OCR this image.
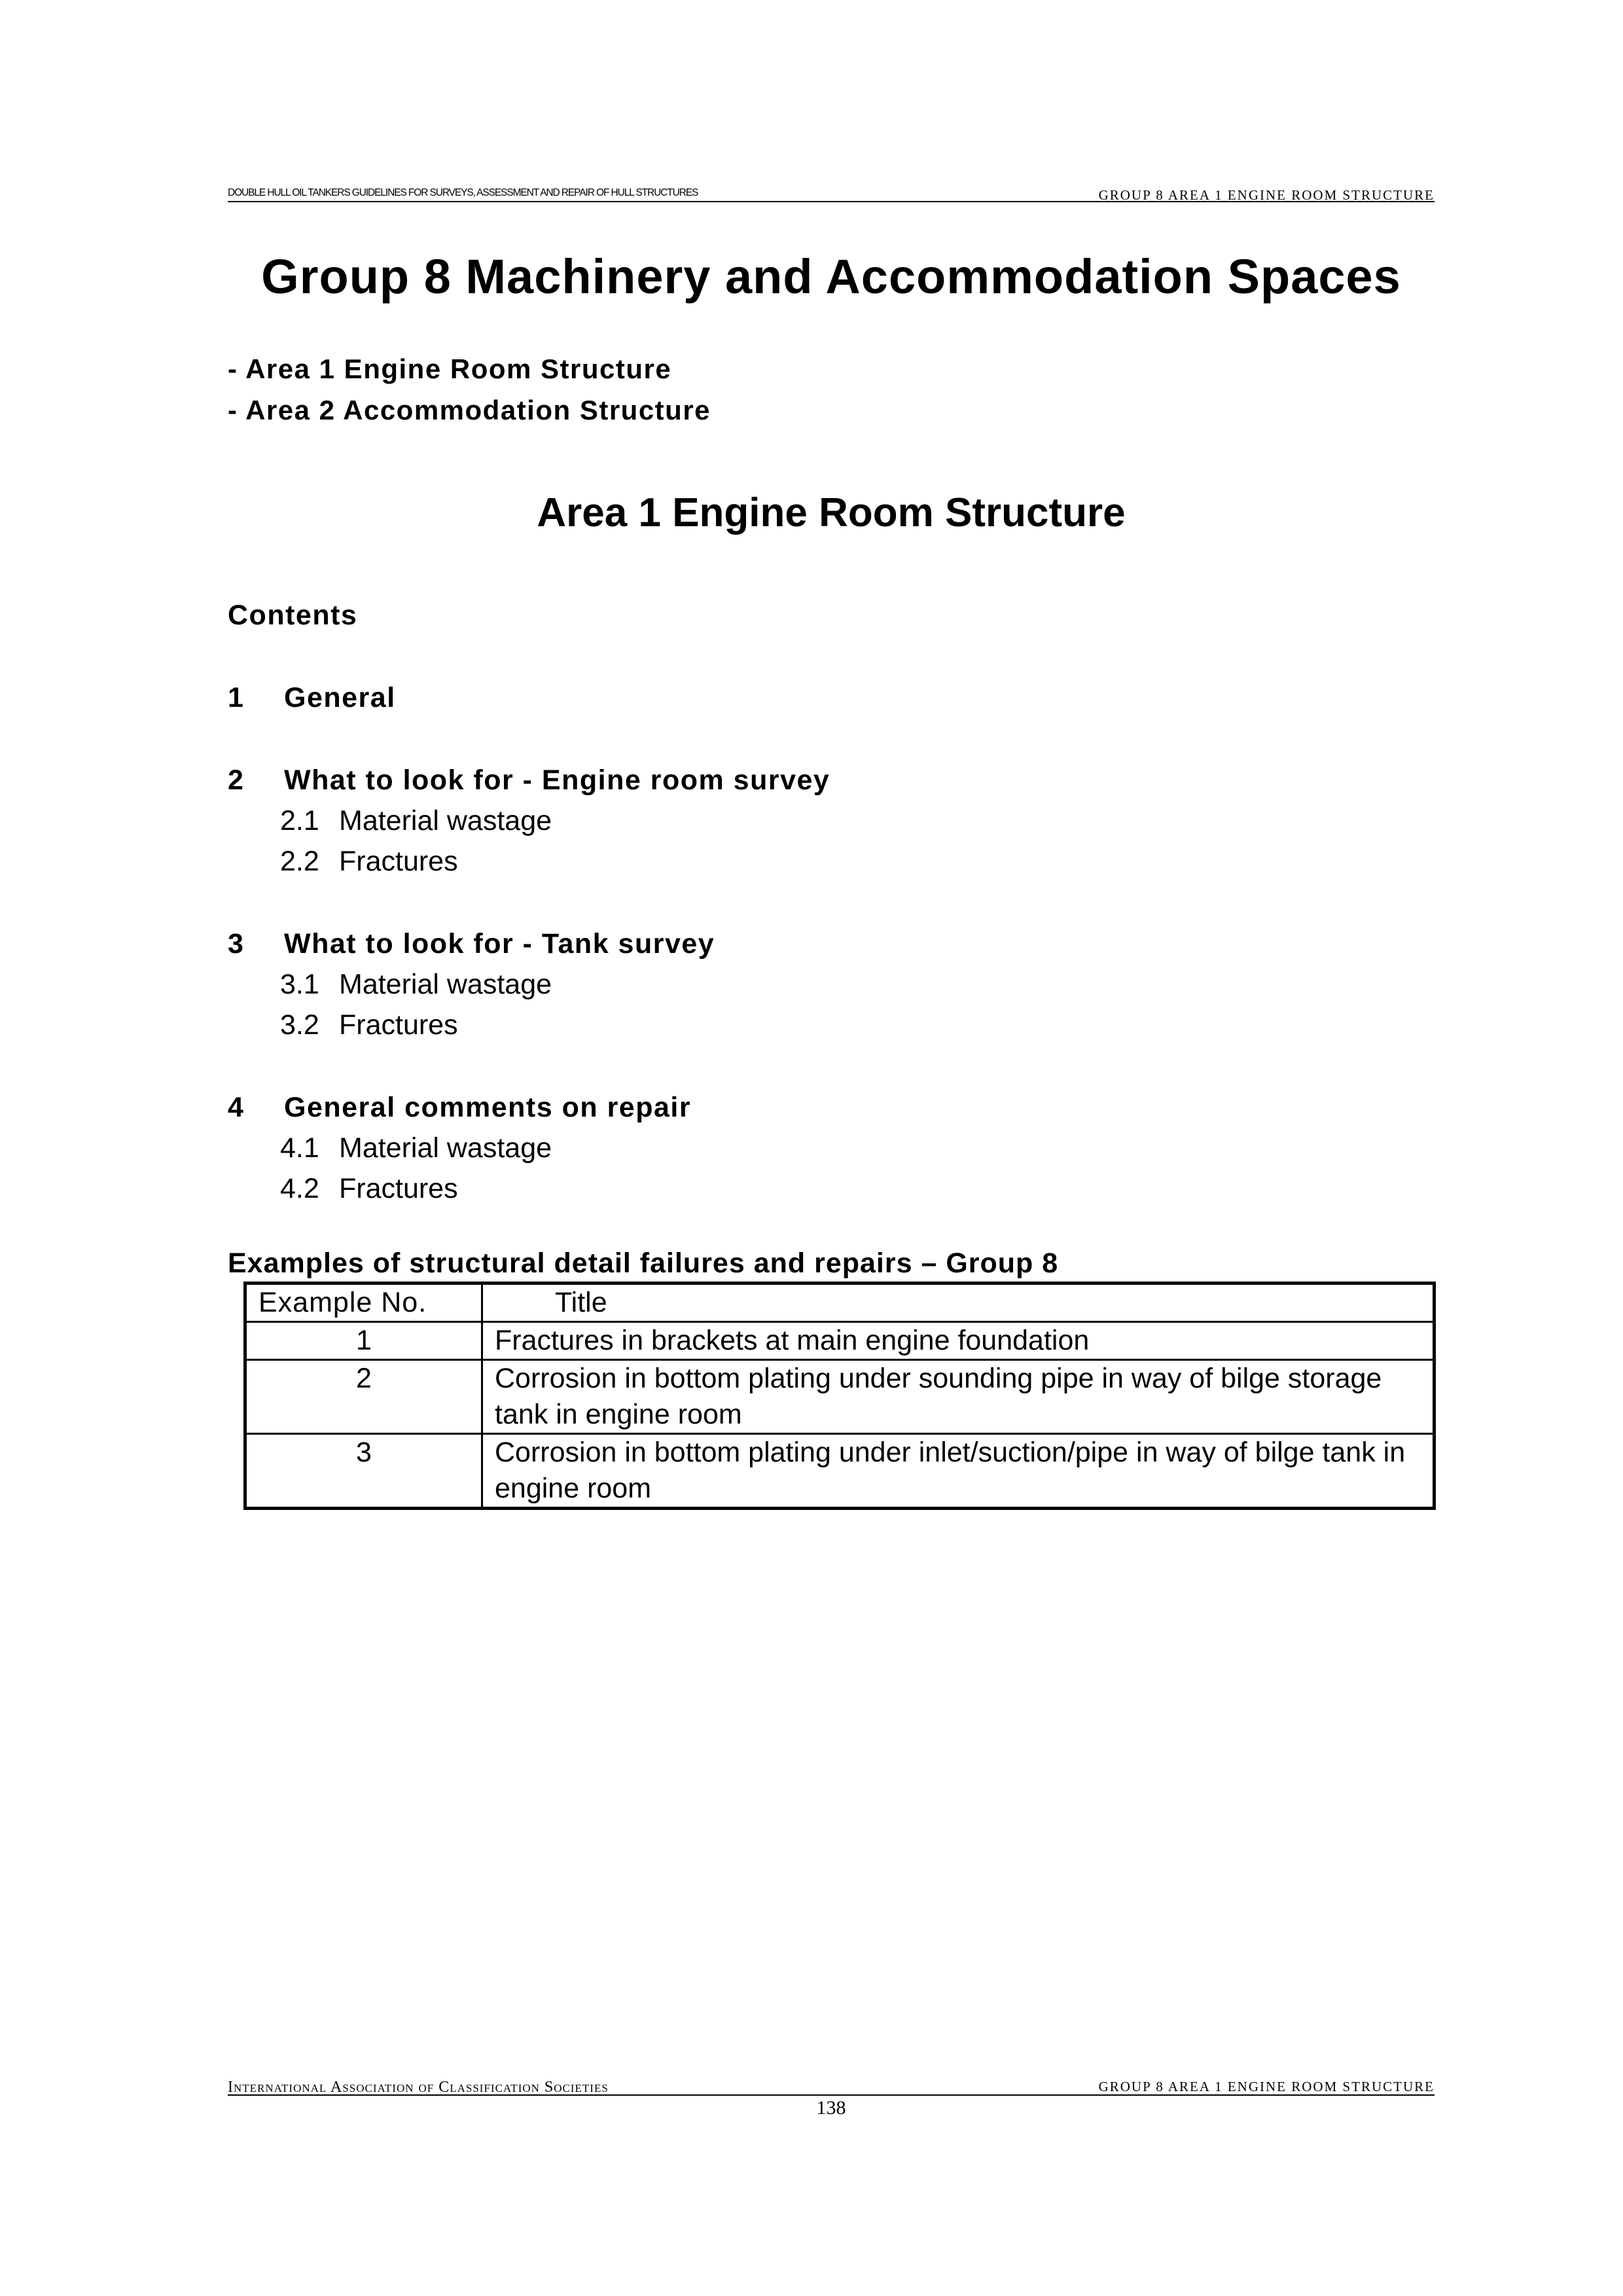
DOUBLE HULL OIL TANKERS GUIDELINES FOR SURVEYS, ASSESSMENT AND REPAIR OF HULL STRUCTURES	GROUP 8 AREA 1 ENGINE ROOM STRUCTURE
Group 8 Machinery and Accommodation Spaces
- Area 1 Engine Room Structure
- Area 2 Accommodation Structure
Area 1 Engine Room Structure
Contents
1 General
2 What to look for - Engine room survey
2.1 Material wastage
2.2 Fractures
3 What to look for - Tank survey
3.1 Material wastage
3.2 Fractures
4 General comments on repair
4.1 Material wastage
4.2 Fractures
Examples of structural detail failures and repairs – Group 8
Example No.	Title
1	Fractures in brackets at main engine foundation
2	Corrosion in bottom plating under sounding pipe in way of bilge storage tank in engine room
3	Corrosion in bottom plating under inlet/suction/pipe in way of bilge tank in engine room
International Association of Classification Societies	GROUP 8 AREA 1 ENGINE ROOM STRUCTURE
138
